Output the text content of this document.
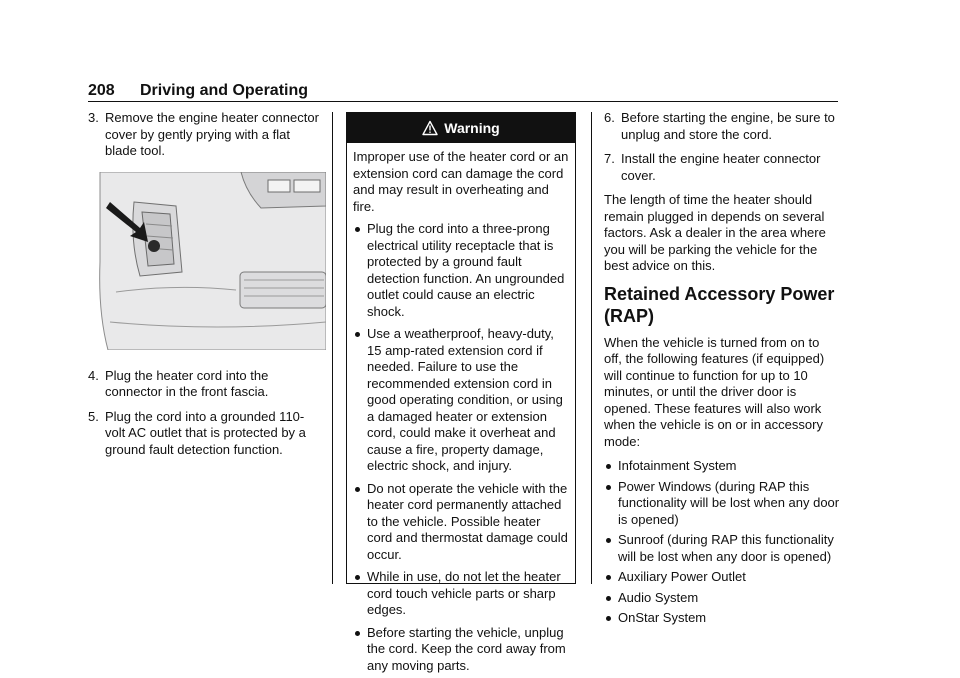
208 Driving and Operating
3. Remove the engine heater connector cover by gently prying with a flat blade tool.
4. Plug the heater cord into the connector in the front fascia.
5. Plug the cord into a grounded 110-volt AC outlet that is protected by a ground fault detection function.
Warning

Improper use of the heater cord or an extension cord can damage the cord and may result in overheating and fire.

Plug the cord into a three-prong electrical utility receptacle that is protected by a ground fault detection function. An ungrounded outlet could cause an electric shock.
Use a weatherproof, heavy-duty, 15 amp-rated extension cord if needed. Failure to use the recommended extension cord in good operating condition, or using a damaged heater or extension cord, could make it overheat and cause a fire, property damage, electric shock, and injury.
Do not operate the vehicle with the heater cord permanently attached to the vehicle. Possible heater cord and thermostat damage could occur.
While in use, do not let the heater cord touch vehicle parts or sharp edges.
Before starting the vehicle, unplug the cord. Keep the cord away from any moving parts.
6. Before starting the engine, be sure to unplug and store the cord.
7. Install the engine heater connector cover.

The length of time the heater should remain plugged in depends on several factors. Ask a dealer in the area where you will be parking the vehicle for the best advice on this.

Retained Accessory Power (RAP)

When the vehicle is turned from on to off, the following features (if equipped) will continue to function for up to 10 minutes, or until the driver door is opened. These features will also work when the vehicle is on or in accessory mode:

Infotainment System
Power Windows (during RAP this functionality will be lost when any door is opened)
Sunroof (during RAP this functionality will be lost when any door is opened)
Auxiliary Power Outlet
Audio System
OnStar System
